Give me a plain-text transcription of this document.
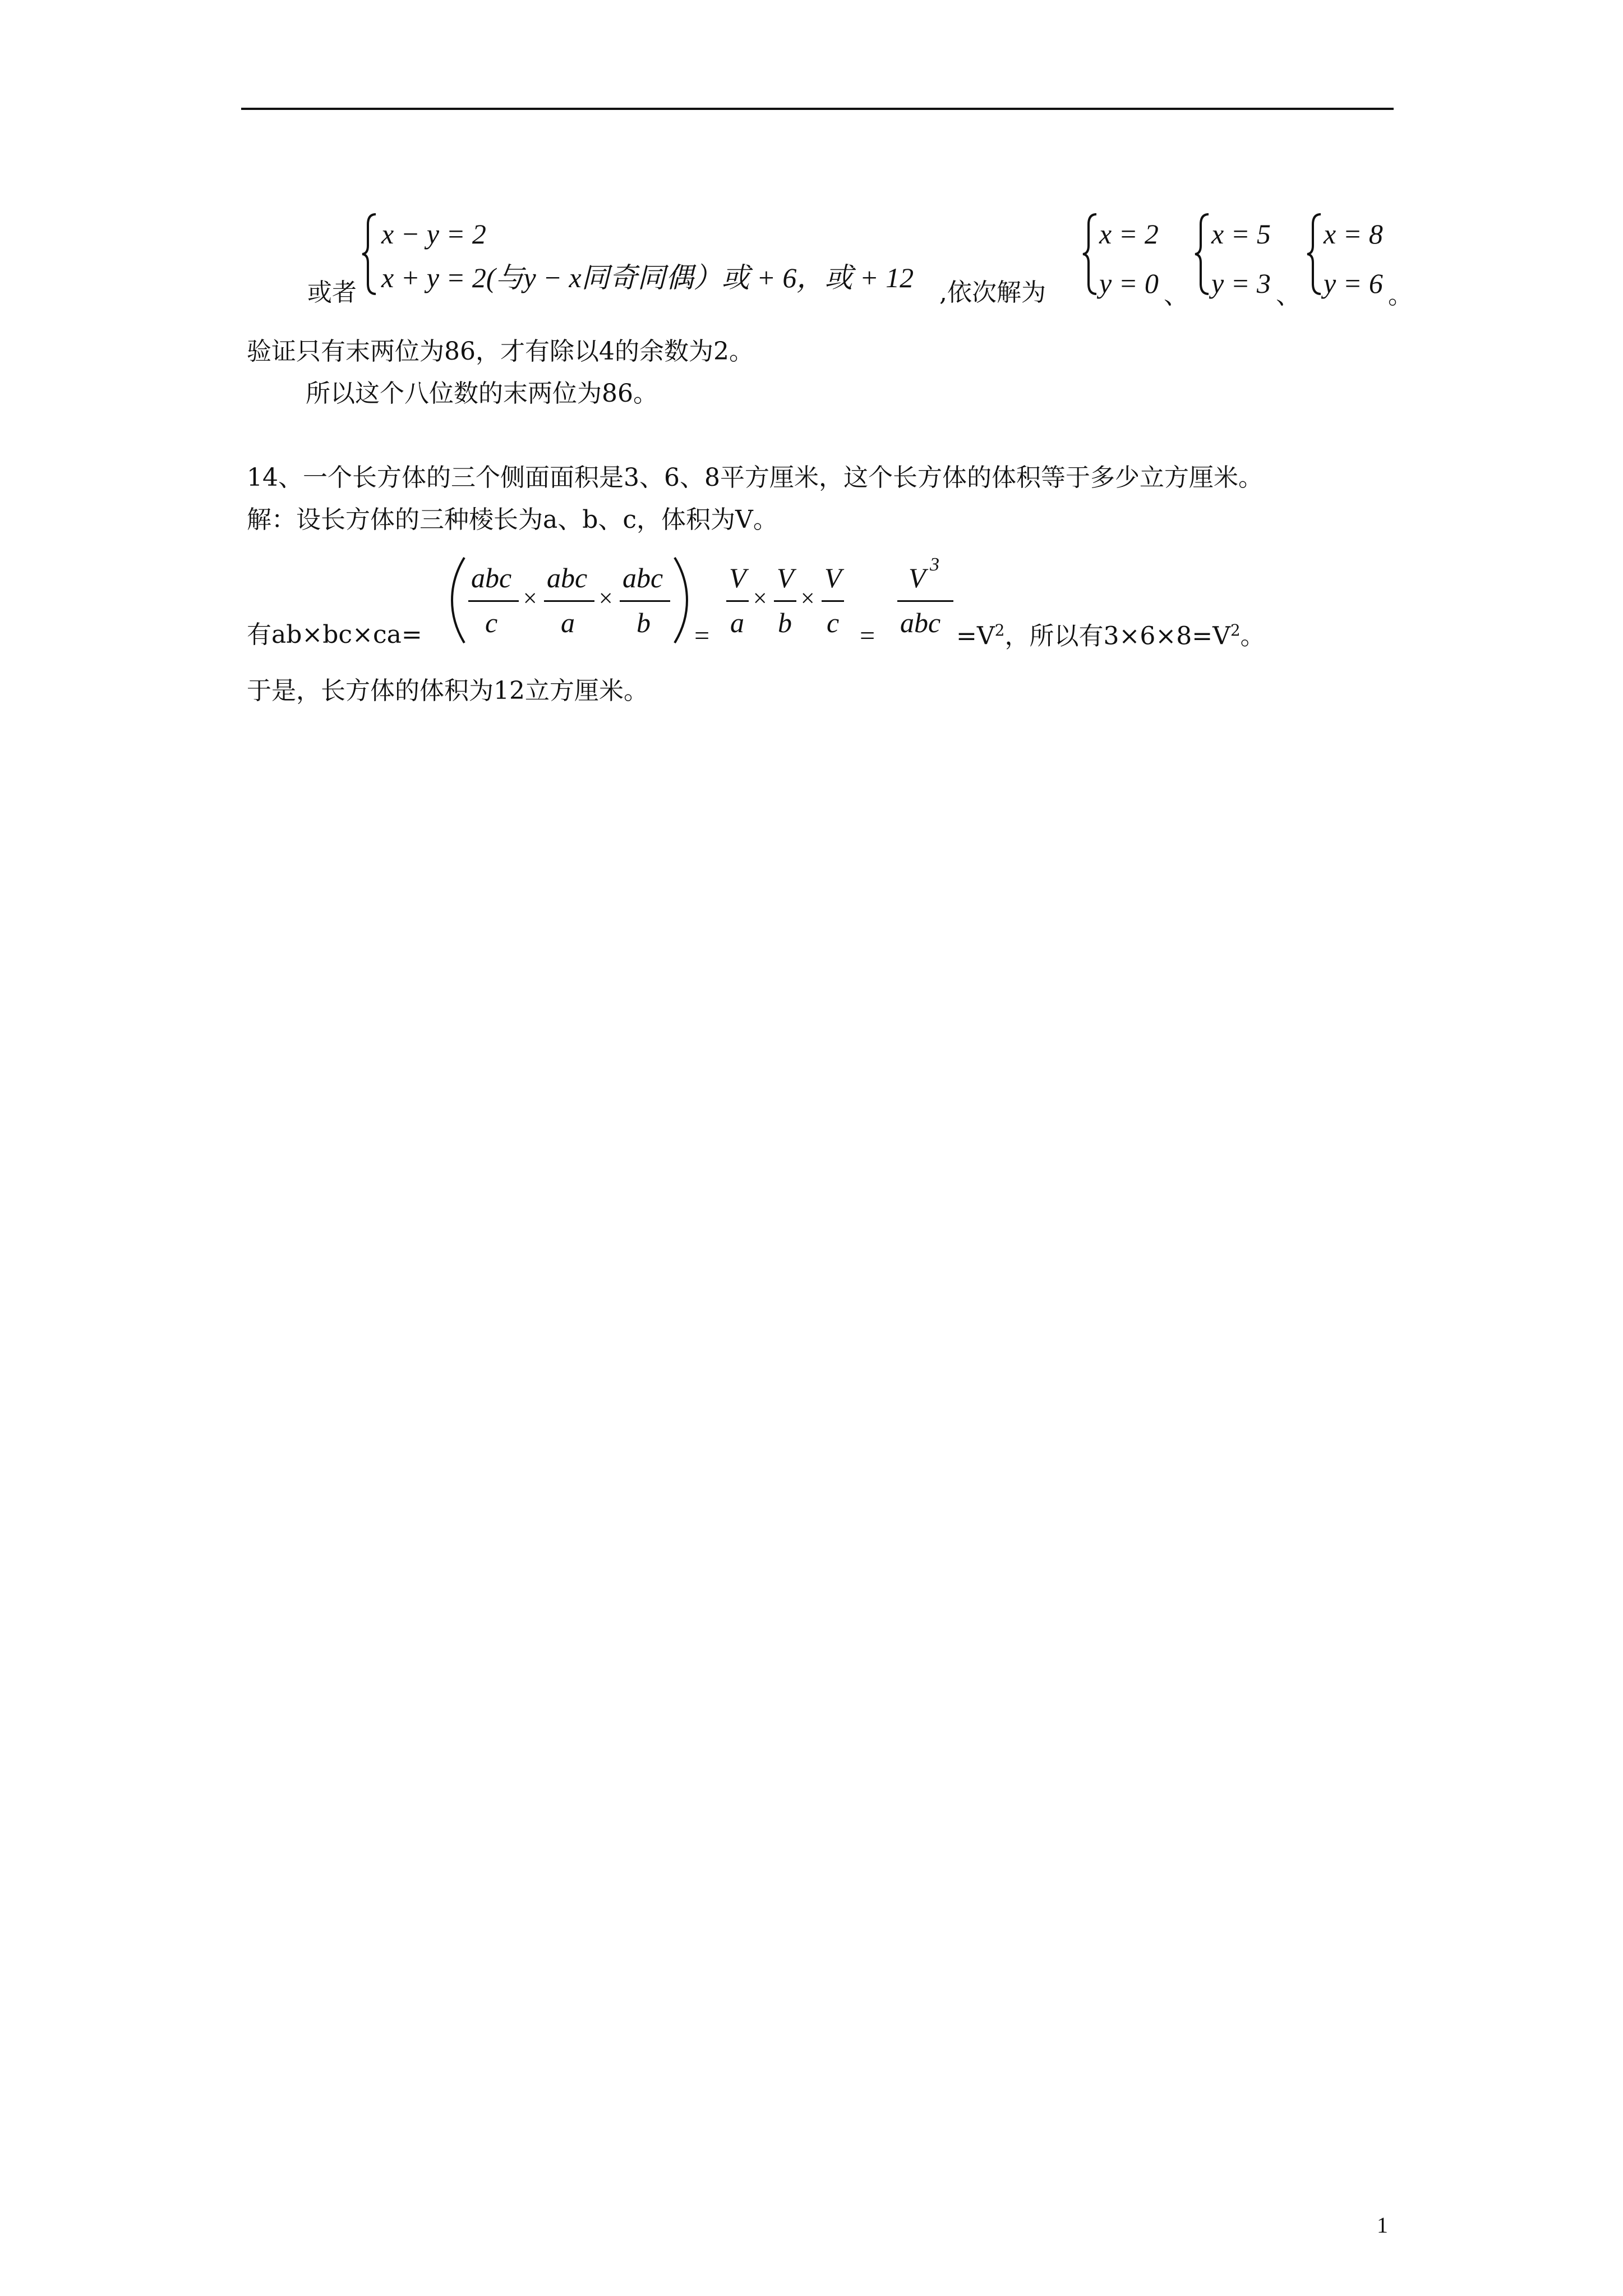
或者
x − y = 2
x + y = 2(与y − x同奇同偶）或 + 6，或 + 12 ,依次解为
x = 2
y = 0 、
x = 5
y = 3 、
x = 8
y = 6 。
验证只有末两位为86，才有除以4的余数为2。
所以这个八位数的末两位为86。
14、一个长方体的三个侧面面积是3、6、8平方厘米，这个长方体的体积等于多少立方厘米。
解：设长方体的三种棱长为a、b、c，体积为V。
有ab×bc×ca=
abc
c
×
abc
a
×
abc
b =
V
a
×
V
b
×
V
c =
V 3
abc $=V^2$，所以有$3\times 6\times 8=V^2$。
于是，长方体的体积为12立方厘米。
1
